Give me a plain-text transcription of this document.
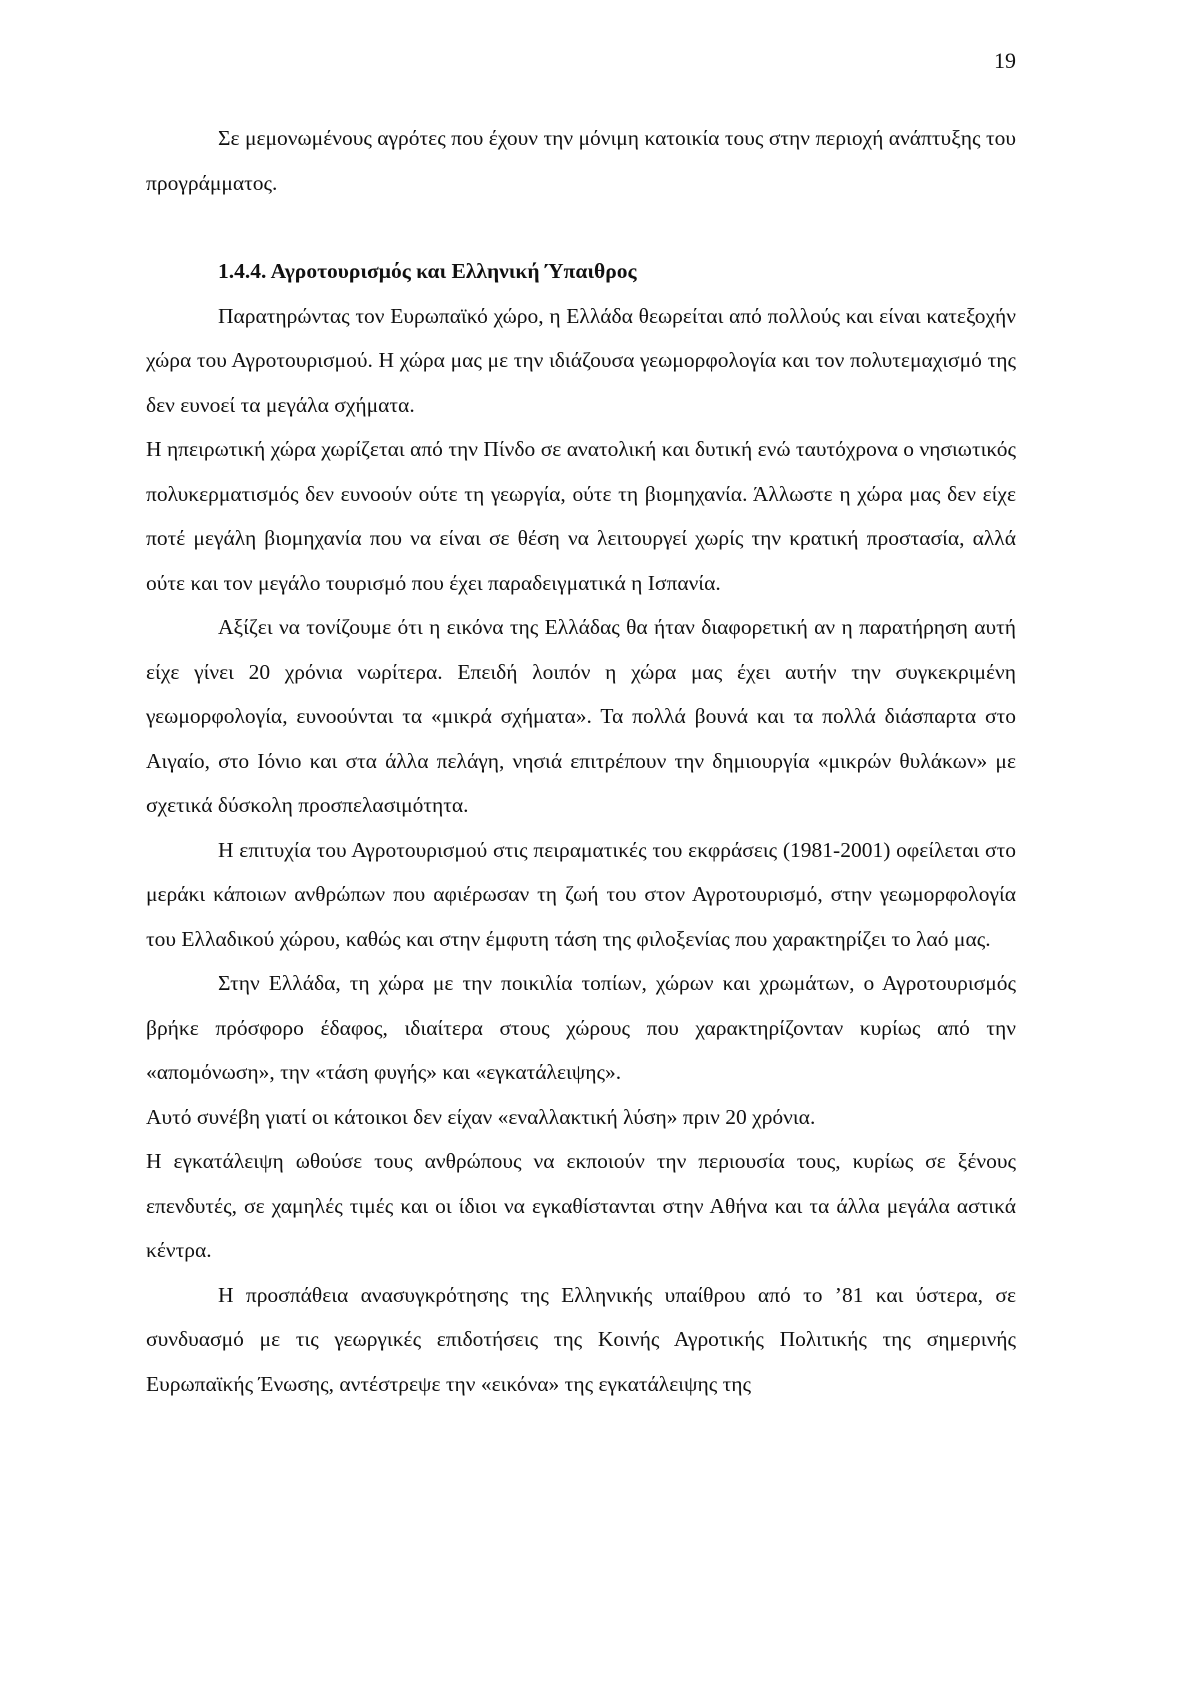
19

Σε μεμονωμένους αγρότες που έχουν την μόνιμη κατοικία τους στην περιοχή ανάπτυξης του προγράμματος.

1.4.4. Αγροτουρισμός και Ελληνική Ύπαιθρος

Παρατηρώντας τον Ευρωπαϊκό χώρο, η Ελλάδα θεωρείται από πολλούς και είναι κατεξοχήν χώρα του Αγροτουρισμού. Η χώρα μας με την ιδιάζουσα γεωμορφολογία και τον πολυτεμαχισμό της δεν ευνοεί τα μεγάλα σχήματα.

Η ηπειρωτική χώρα χωρίζεται από την Πίνδο σε ανατολική και δυτική ενώ ταυτόχρονα ο νησιωτικός πολυκερματισμός δεν ευνοούν ούτε τη γεωργία, ούτε τη βιομηχανία. Άλλωστε η χώρα μας δεν είχε ποτέ μεγάλη βιομηχανία που να είναι σε θέση να λειτουργεί χωρίς την κρατική προστασία, αλλά ούτε και τον μεγάλο τουρισμό που έχει παραδειγματικά η Ισπανία.

Αξίζει να τονίζουμε ότι η εικόνα της Ελλάδας θα ήταν διαφορετική αν η παρατήρηση αυτή είχε γίνει 20 χρόνια νωρίτερα. Επειδή λοιπόν η χώρα μας έχει αυτήν την συγκεκριμένη γεωμορφολογία, ευνοούνται τα «μικρά σχήματα». Τα πολλά βουνά και τα πολλά διάσπαρτα στο Αιγαίο, στο Ιόνιο και στα άλλα πελάγη, νησιά επιτρέπουν την δημιουργία «μικρών θυλάκων» με σχετικά δύσκολη προσπελασιμότητα.

Η επιτυχία του Αγροτουρισμού στις πειραματικές του εκφράσεις (1981-2001) οφείλεται στο μεράκι κάποιων ανθρώπων που αφιέρωσαν τη ζωή του στον Αγροτουρισμό, στην γεωμορφολογία του Ελλαδικού χώρου, καθώς και στην έμφυτη τάση της φιλοξενίας που χαρακτηρίζει το λαό μας.

Στην Ελλάδα, τη χώρα με την ποικιλία τοπίων, χώρων και χρωμάτων, ο Αγροτουρισμός βρήκε πρόσφορο έδαφος, ιδιαίτερα στους χώρους που χαρακτηρίζονταν κυρίως από την «απομόνωση», την «τάση φυγής» και «εγκατάλειψης».

Αυτό συνέβη γιατί οι κάτοικοι δεν είχαν «εναλλακτική λύση» πριν 20 χρόνια.

Η εγκατάλειψη ωθούσε τους ανθρώπους να εκποιούν την περιουσία τους, κυρίως σε ξένους επενδυτές, σε χαμηλές τιμές και οι ίδιοι να εγκαθίστανται στην Αθήνα και τα άλλα μεγάλα αστικά κέντρα.

Η προσπάθεια ανασυγκρότησης της Ελληνικής υπαίθρου από το ’81 και ύστερα, σε συνδυασμό με τις γεωργικές επιδοτήσεις της Κοινής Αγροτικής Πολιτικής της σημερινής Ευρωπαϊκής Ένωσης, αντέστρεψε την «εικόνα» της εγκατάλειψης της
